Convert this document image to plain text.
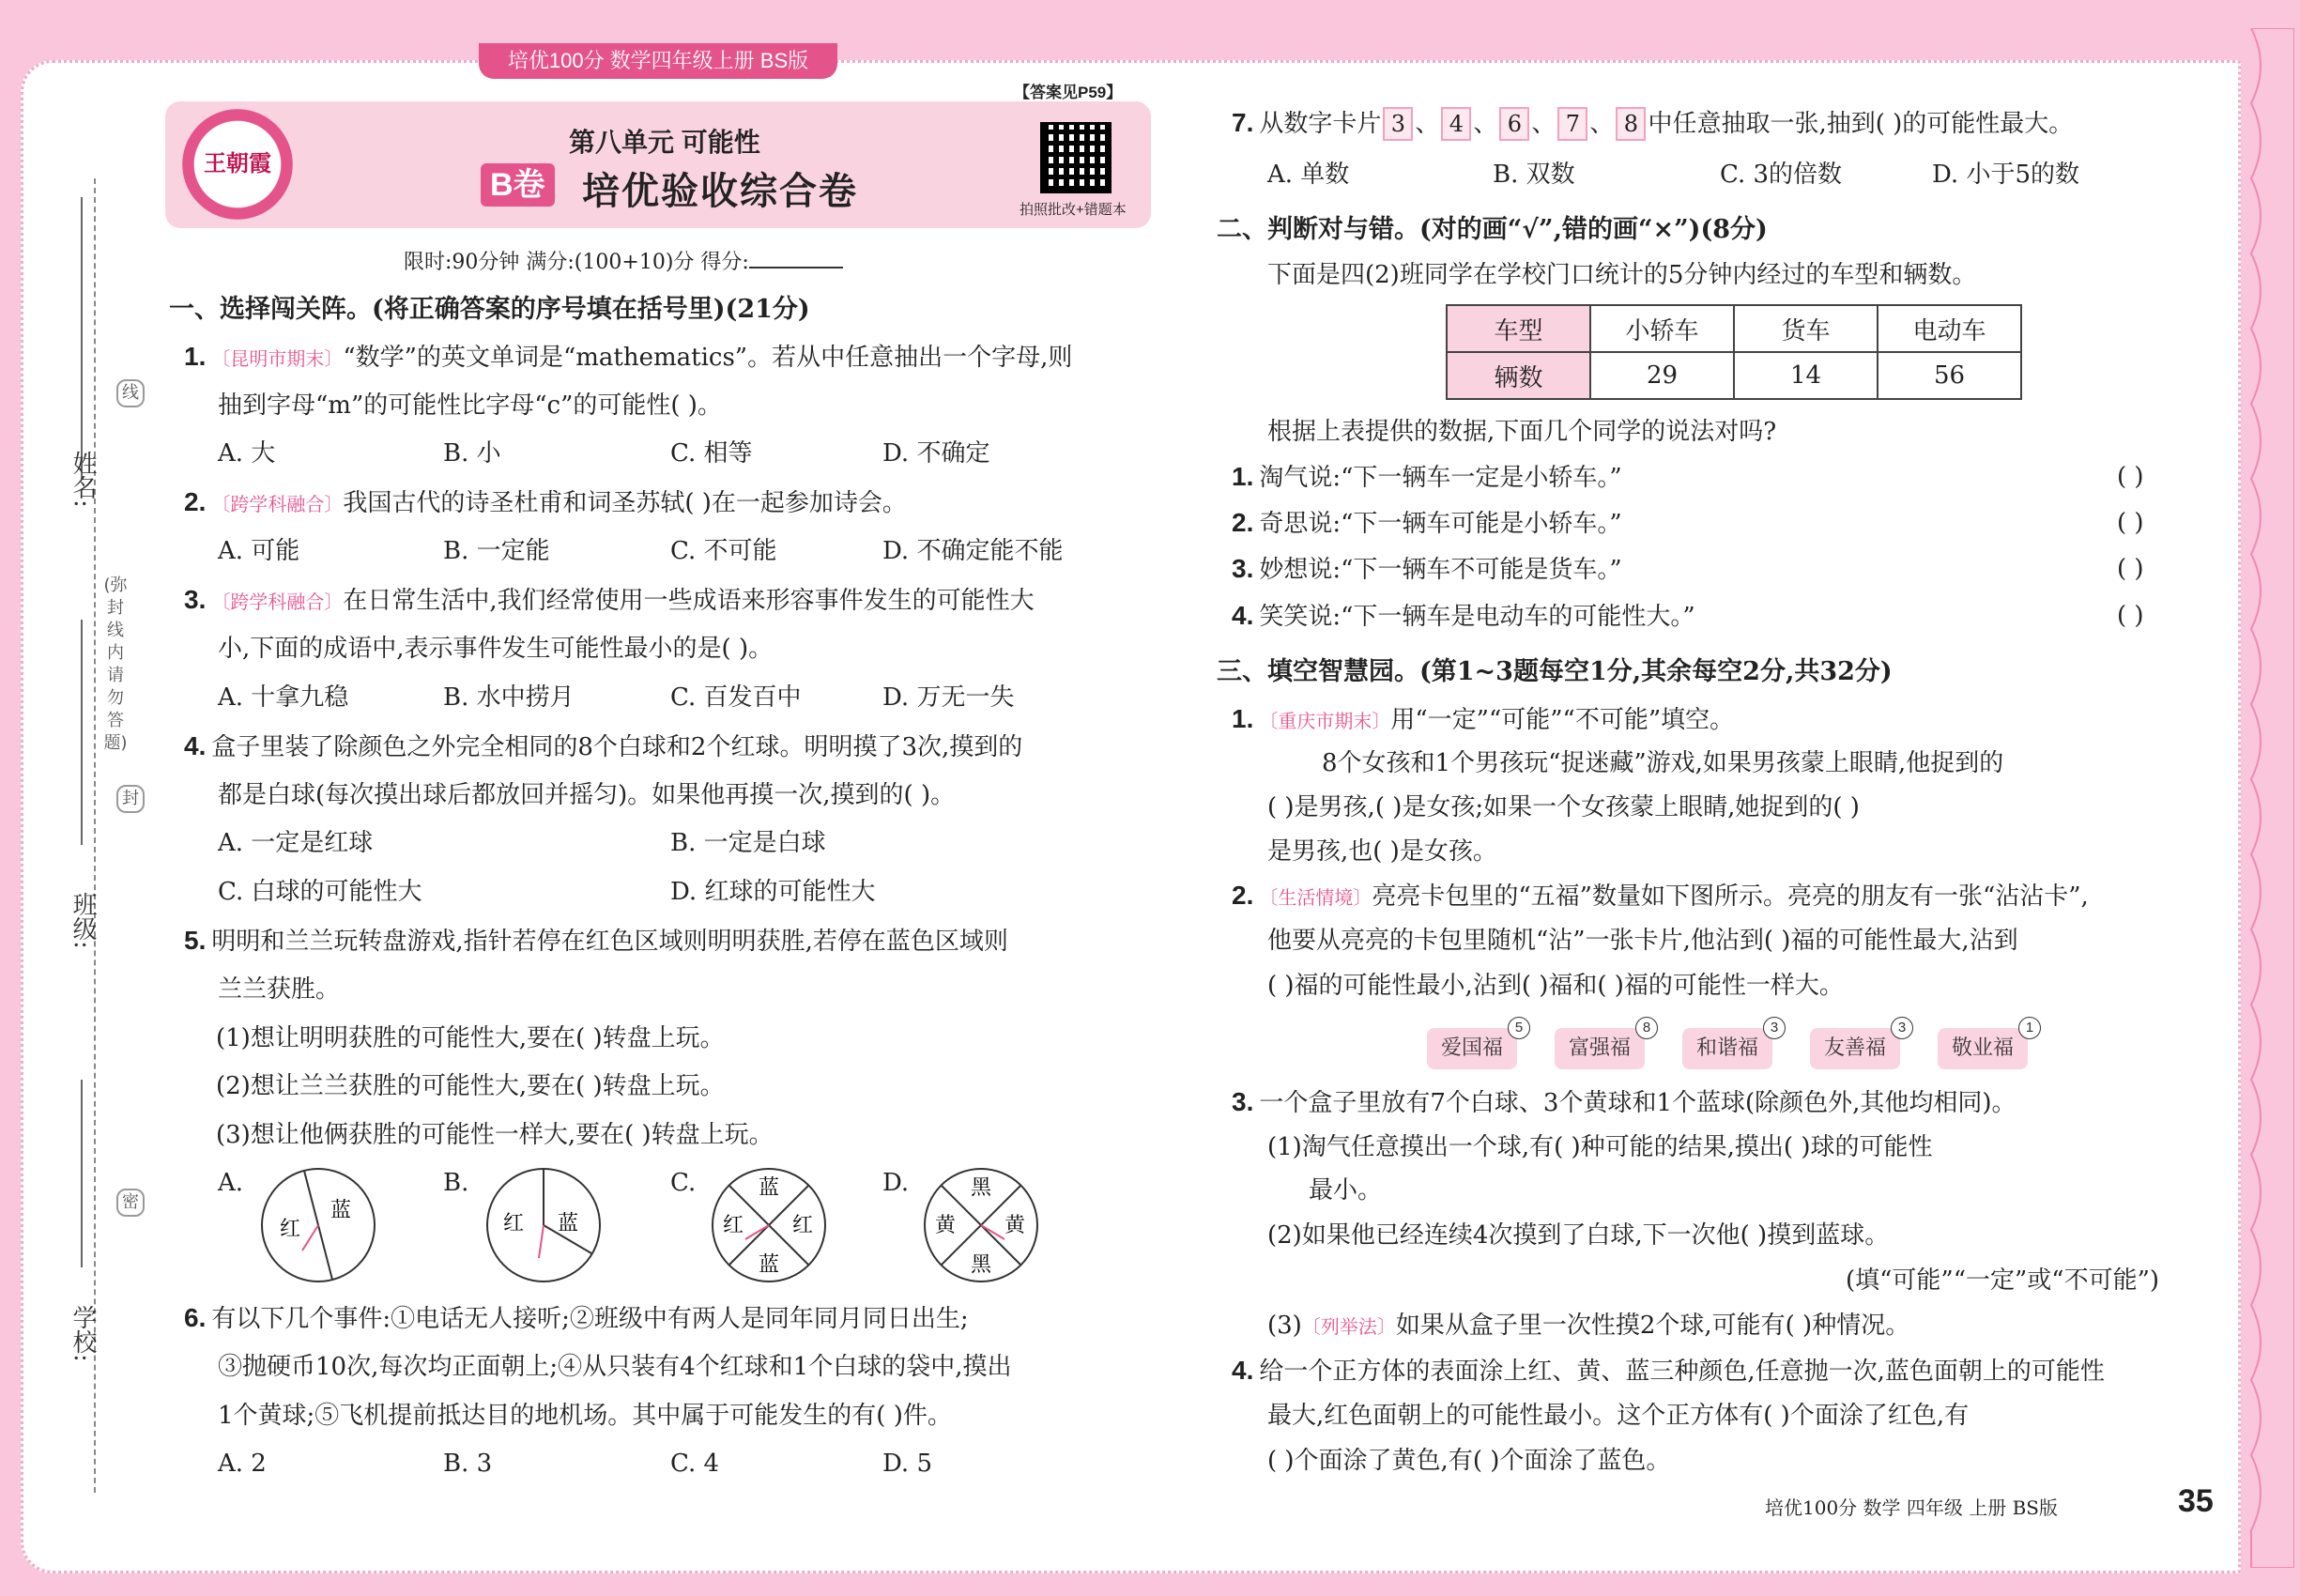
培优100分 数学四年级上册 BS版
姓名:
班级:
学校:
线
封
密
(弥封线内请勿答题)
【答案见P59】
王朝霞
第八单元 可能性
B卷 培优验收综合卷	拍照批改+错题本
限时:90分钟 满分:(100+10)分 得分:
一、选择闯关阵。(将正确答案的序号填在括号里)(21分)
1. 〔昆明市期末〕“数学”的英文单词是“mathematics”。若从中任意抽出一个字母,则
抽到字母“m”的可能性比字母“c”的可能性( )。
A. 大	B. 小	C. 相等	D. 不确定
2. 〔跨学科融合〕我国古代的诗圣杜甫和词圣苏轼( )在一起参加诗会。
A. 可能	B. 一定能	C. 不可能	D. 不确定能不能
3. 〔跨学科融合〕在日常生活中,我们经常使用一些成语来形容事件发生的可能性大
小,下面的成语中,表示事件发生可能性最小的是( )。
A. 十拿九稳	B. 水中捞月	C. 百发百中	D. 万无一失
4. 盒子里装了除颜色之外完全相同的8个白球和2个红球。明明摸了3次,摸到的
都是白球(每次摸出球后都放回并摇匀)。如果他再摸一次,摸到的( )。
A. 一定是红球	B. 一定是白球
C. 白球的可能性大	D. 红球的可能性大
5. 明明和兰兰玩转盘游戏,指针若停在红色区域则明明获胜,若停在蓝色区域则
兰兰获胜。
(1)想让明明获胜的可能性大,要在( )转盘上玩。
(2)想让兰兰获胜的可能性大,要在( )转盘上玩。
(3)想让他俩获胜的可能性一样大,要在( )转盘上玩。
A.	B.	C.	D.
红
蓝
红 蓝
蓝
红 红
蓝
黑
黄 黄
黑
6. 有以下几个事件:①电话无人接听;②班级中有两人是同年同月同日出生;
③抛硬币10次,每次均正面朝上;④从只装有4个红球和1个白球的袋中,摸出
1个黄球;⑤飞机提前抵达目的地机场。其中属于可能发生的有( )件。
A. 2	B. 3	C. 4	D. 5
7. 从数字卡片 3 、 4 、 6 、 7 、 8 中任意抽取一张,抽到( )的可能性最大。
A. 单数	B. 双数	C. 3的倍数	D. 小于5的数
二、判断对与错。(对的画“√”,错的画“×”)(8分)
下面是四(2)班同学在学校门口统计的5分钟内经过的车型和辆数。
车型	小轿车	货车	电动车
辆数	29	14	56
根据上表提供的数据,下面几个同学的说法对吗?
1. 淘气说:“下一辆车一定是小轿车。”
2. 奇思说:“下一辆车可能是小轿车。”
3. 妙想说:“下一辆车不可能是货车。”
4. 笑笑说:“下一辆车是电动车的可能性大。”
( )
( )
( )
( )
三、填空智慧园。(第1~3题每空1分,其余每空2分,共32分)
1. 〔重庆市期末〕用“一定”“可能”“不可能”填空。
8个女孩和1个男孩玩“捉迷藏”游戏,如果男孩蒙上眼睛,他捉到的
( )是男孩,( )是女孩;如果一个女孩蒙上眼睛,她捉到的( )
是男孩,也( )是女孩。
2. 〔生活情境〕亮亮卡包里的“五福”数量如下图所示。亮亮的朋友有一张“沾沾卡”,
他要从亮亮的卡包里随机“沾”一张卡片,他沾到( )福的可能性最大,沾到
( )福的可能性最小,沾到( )福和( )福的可能性一样大。
爱国福
5
富强福
8
和谐福
3
友善福
3
敬业福
1
3. 一个盒子里放有7个白球、3个黄球和1个蓝球(除颜色外,其他均相同)。
(1)淘气任意摸出一个球,有( )种可能的结果,摸出( )球的可能性
最小。
(2)如果他已经连续4次摸到了白球,下一次他( )摸到蓝球。
(填“可能”“一定”或“不可能”)
(3)〔列举法〕如果从盒子里一次性摸2个球,可能有( )种情况。
4. 给一个正方体的表面涂上红、黄、蓝三种颜色,任意抛一次,蓝色面朝上的可能性
最大,红色面朝上的可能性最小。这个正方体有( )个面涂了红色,有
( )个面涂了黄色,有( )个面涂了蓝色。
培优100分 数学 四年级 上册 BS版	35
